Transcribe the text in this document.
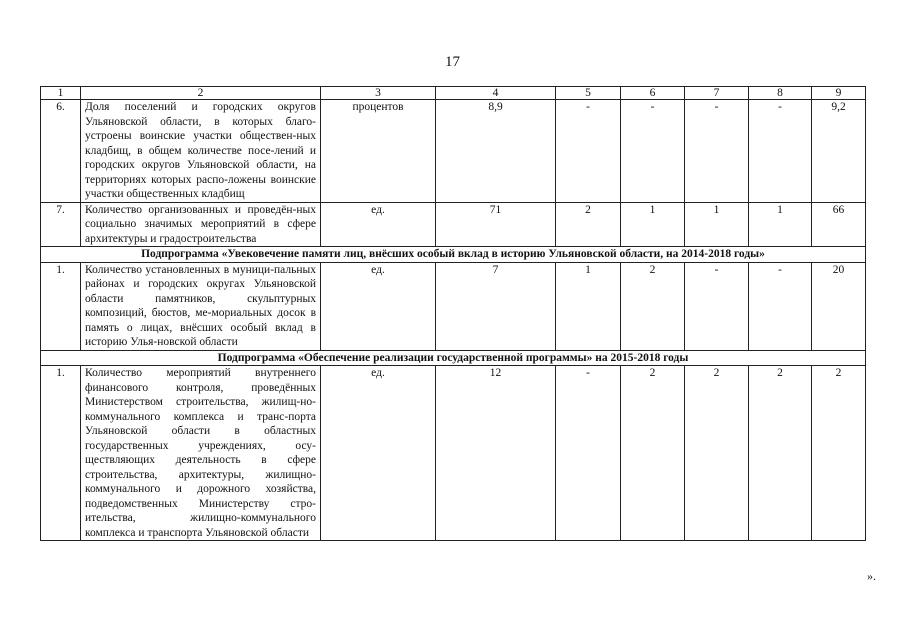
17
1	2	3	4	5	6	7	8	9
6.	Доля поселений и городских округов Ульяновской области, в которых благо-устроены воинские участки обществен-ных кладбищ, в общем количестве посе-лений и городских округов Ульяновской области, на территориях которых распо-ложены воинские участки общественных кладбищ	процентов	8,9	-	-	-	-	9,2
7.	Количество организованных и проведён-ных социально значимых мероприятий в сфере архитектуры и градостроительства	ед.	71	2	1	1	1	66
Подпрограмма «Увековечение памяти лиц, внёсших особый вклад в историю Ульяновской области, на 2014-2018 годы»								
1.	Количество установленных в муници-пальных районах и городских округах Ульяновской области памятников, скульптурных композиций, бюстов, ме-мориальных досок в память о лицах, внёсших особый вклад в историю Улья-новской области	ед.	7	1	2	-	-	20
Подпрограмма «Обеспечение реализации государственной программы» на 2015-2018 годы								
1.	Количество мероприятий внутреннего финансового контроля, проведённых Министерством строительства, жилищ-но-коммунального комплекса и транс-порта Ульяновской области в областных государственных учреждениях, осу-ществляющих деятельность в сфере строительства, архитектуры, жилищно-коммунального и дорожного хозяйства, подведомственных Министерству стро-ительства, жилищно-коммунального комплекса и транспорта Ульяновской области	ед.	12	-	2	2	2	2
».
